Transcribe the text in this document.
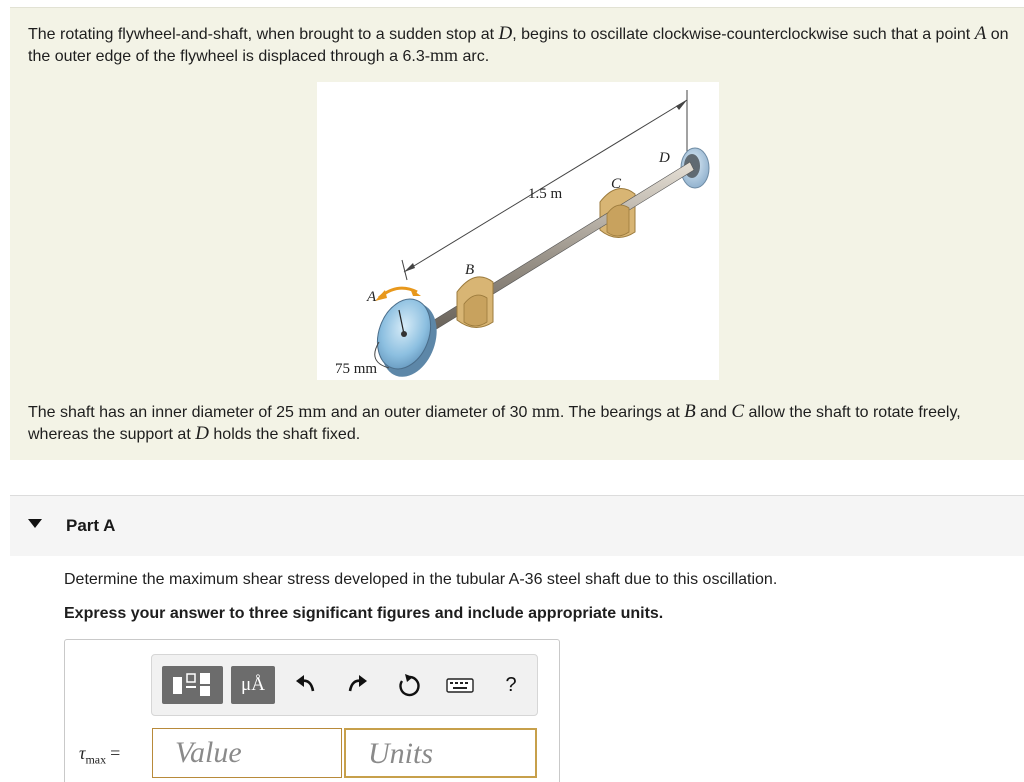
The rotating flywheel-and-shaft, when brought to a sudden stop at D, begins to oscillate clockwise-counterclockwise such that a point A on the outer edge of the flywheel is displaced through a 6.3-mm arc.
75 mm
1.5 m
A
B
C
D
The shaft has an inner diameter of 25 mm and an outer diameter of 30 mm. The bearings at B and C allow the shaft to rotate freely, whereas the support at D holds the shaft fixed.
Part A
Determine the maximum shear stress developed in the tubular A-36 steel shaft due to this oscillation.
Express your answer to three significant figures and include appropriate units.
μÅ	?
$\tau_{max}$ =	Value	Units
